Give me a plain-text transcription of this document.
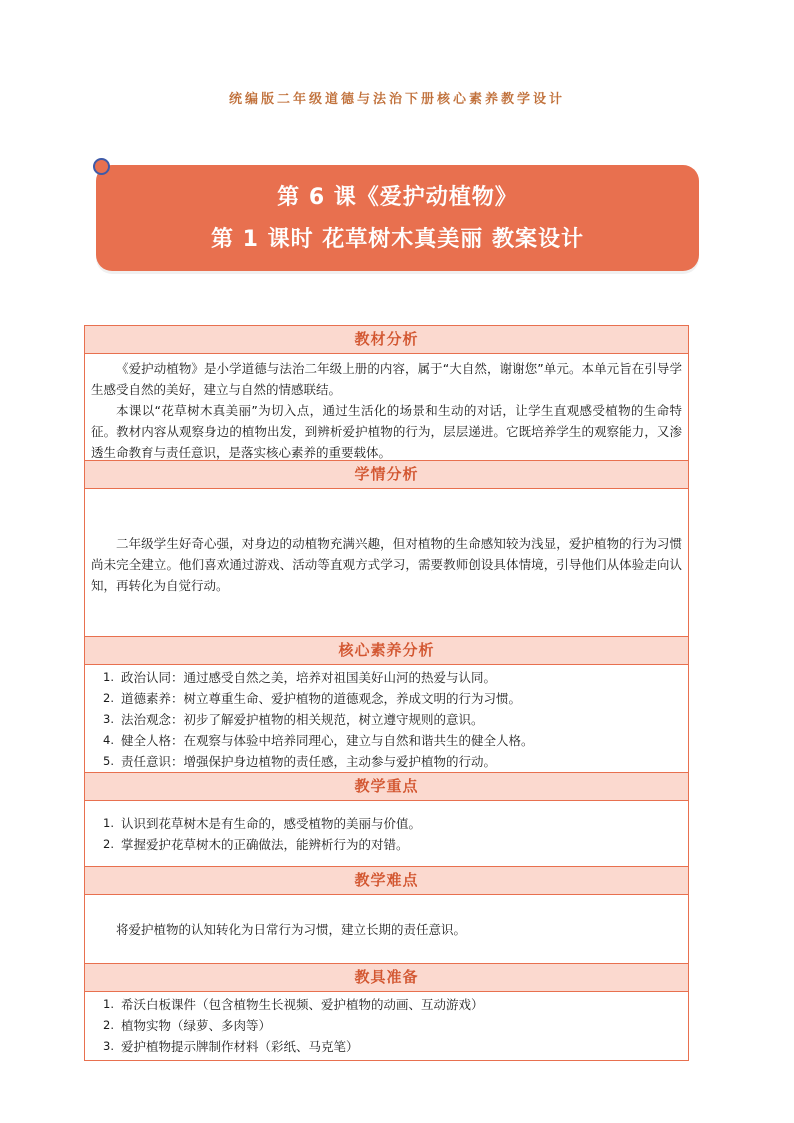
统编版二年级道德与法治下册核心素养教学设计
第 6 课《爱护动植物》
第 1 课时 花草树木真美丽 教案设计
教材分析

《爱护动植物》是小学道德与法治二年级上册的内容，属于“大自然，谢谢您”单元。本单元旨在引导学生感受自然的美好，建立与自然的情感联结。

本课以“花草树木真美丽”为切入点，通过生活化的场景和生动的对话，让学生直观感受植物的生命特征。教材内容从观察身边的植物出发，到辨析爱护植物的行为，层层递进。它既培养学生的观察能力，又渗透生命教育与责任意识，是落实核心素养的重要载体。

学情分析

二年级学生好奇心强，对身边的动植物充满兴趣，但对植物的生命感知较为浅显，爱护植物的行为习惯尚未完全建立。他们喜欢通过游戏、活动等直观方式学习，需要教师创设具体情境，引导他们从体验走向认知，再转化为自觉行动。

核心素养分析
1. 政治认同：通过感受自然之美，培养对祖国美好山河的热爱与认同。
2. 道德素养：树立尊重生命、爱护植物的道德观念，养成文明的行为习惯。
3. 法治观念：初步了解爱护植物的相关规范，树立遵守规则的意识。
4. 健全人格：在观察与体验中培养同理心，建立与自然和谐共生的健全人格。
5. 责任意识：增强保护身边植物的责任感，主动参与爱护植物的行动。
教学重点
1. 认识到花草树木是有生命的，感受植物的美丽与价值。
2. 掌握爱护花草树木的正确做法，能辨析行为的对错。
教学难点

将爱护植物的认知转化为日常行为习惯，建立长期的责任意识。

教具准备
1. 希沃白板课件（包含植物生长视频、爱护植物的动画、互动游戏）
2. 植物实物（绿萝、多肉等）
3. 爱护植物提示牌制作材料（彩纸、马克笔）
